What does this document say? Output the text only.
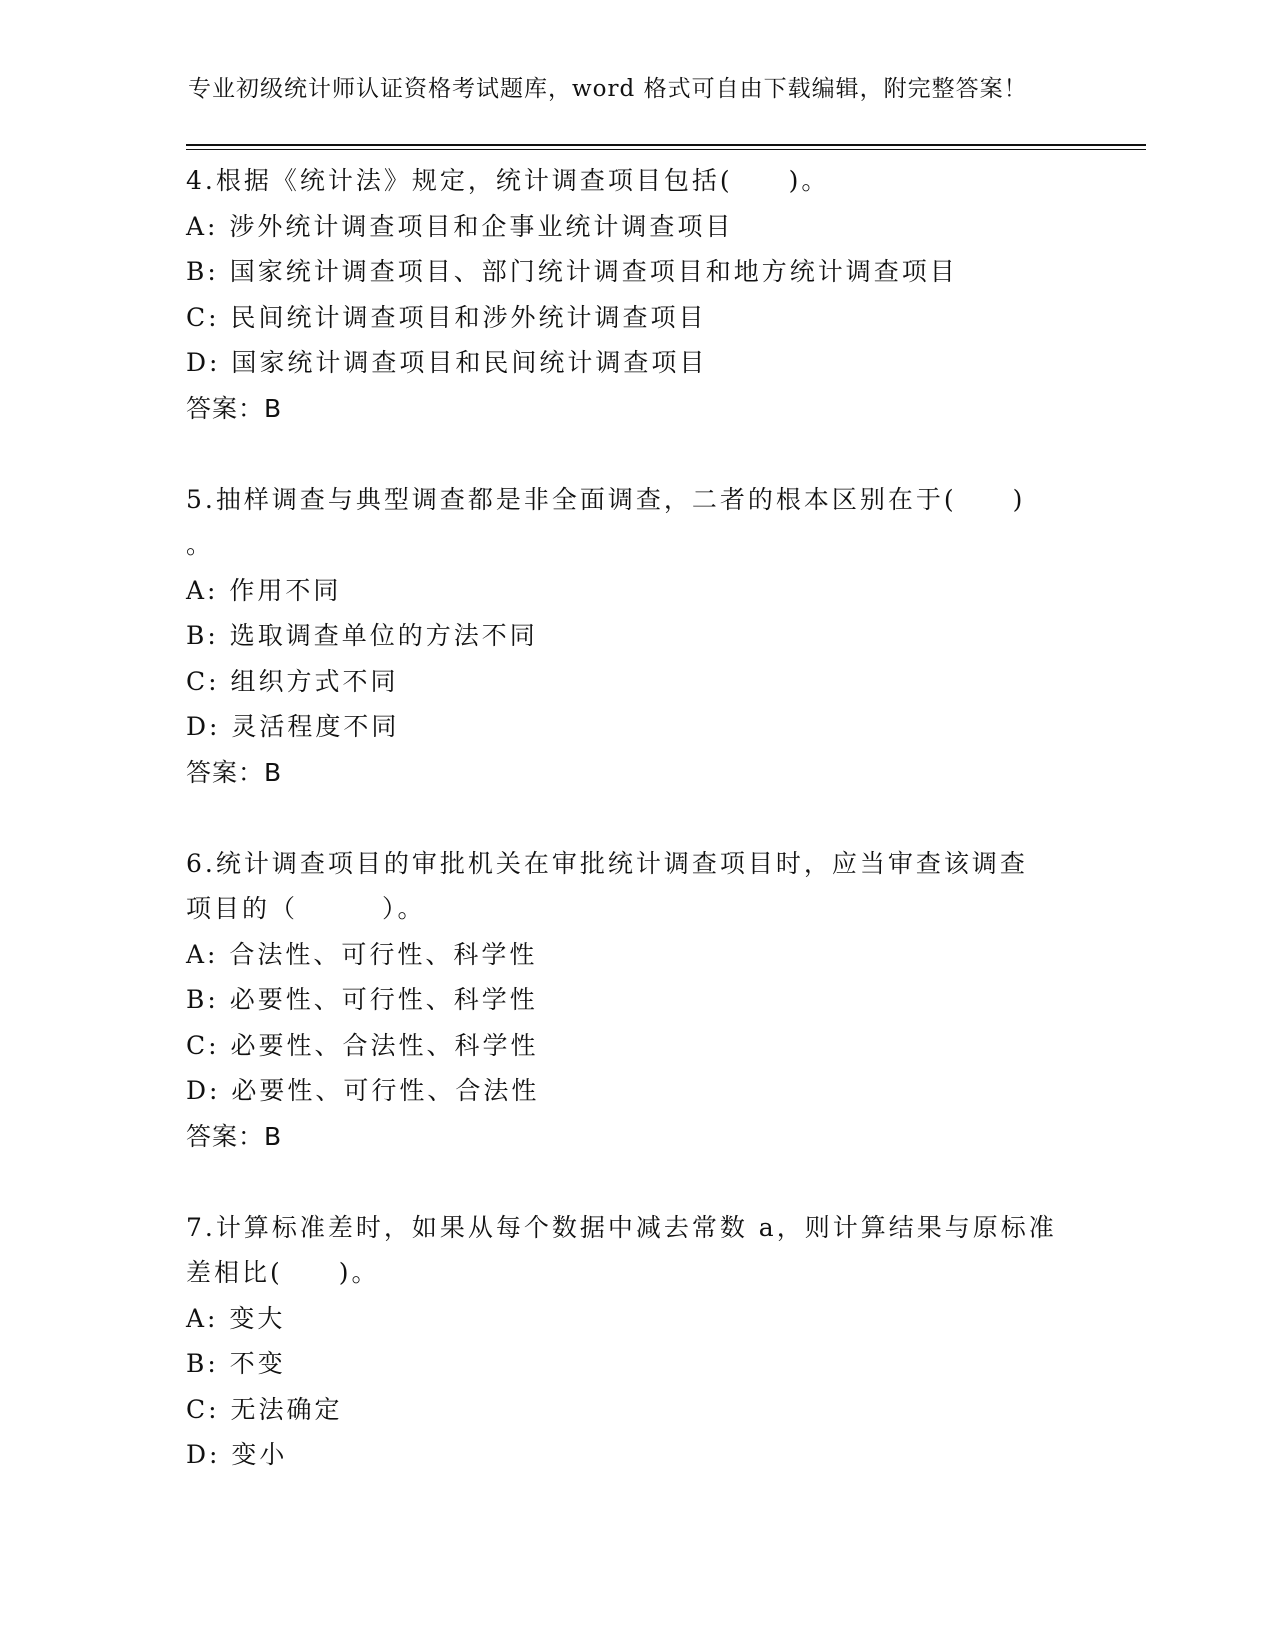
专业初级统计师认证资格考试题库，word 格式可自由下载编辑，附完整答案！

4.根据《统计法》规定，统计调查项目包括(　　)。

A: 涉外统计调查项目和企事业统计调查项目

B: 国家统计调查项目、部门统计调查项目和地方统计调查项目

C: 民间统计调查项目和涉外统计调查项目

D: 国家统计调查项目和民间统计调查项目

答案：B

5.抽样调查与典型调查都是非全面调查，二者的根本区别在于(　　)

。

A: 作用不同

B: 选取调查单位的方法不同

C: 组织方式不同

D: 灵活程度不同

答案：B

6.统计调查项目的审批机关在审批统计调查项目时，应当审查该调查

项目的（　　　）。

A: 合法性、可行性、科学性

B: 必要性、可行性、科学性

C: 必要性、合法性、科学性

D: 必要性、可行性、合法性

答案：B

7.计算标准差时，如果从每个数据中减去常数 a，则计算结果与原标准

差相比(　　)。

A: 变大

B: 不变

C: 无法确定

D: 变小
